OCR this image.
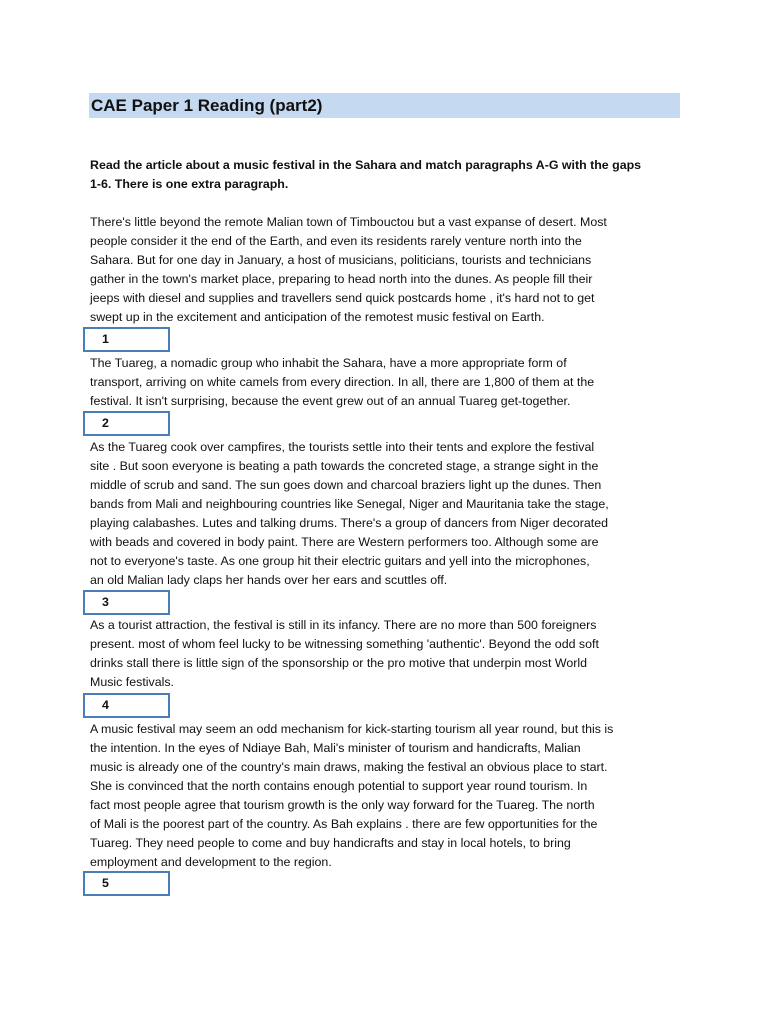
CAE Paper 1 Reading (part2)
Read the article about a music festival in the Sahara and match paragraphs A-G with the gaps
1-6. There is one extra paragraph.
There's little beyond the remote Malian town of Timbouctou but a vast expanse of desert. Most
people consider it the end of the Earth, and even its residents rarely venture north into the
Sahara. But for one day in January, a host of musicians, politicians, tourists and technicians
gather in the town's market place, preparing to head north into the dunes. As people fill their
jeeps with diesel and supplies and travellers send quick postcards home , it's hard not to get
swept up in the excitement and anticipation of the remotest music festival on Earth.
1
The Tuareg, a nomadic group who inhabit the Sahara, have a more appropriate form of
transport, arriving on white camels from every direction. In all, there are 1,800 of them at the
festival. It isn't surprising, because the event grew out of an annual Tuareg get-together.
2
As the Tuareg cook over campfires, the tourists settle into their tents and explore the festival
site . But soon everyone is beating a path towards the concreted stage, a strange sight in the
middle of scrub and sand. The sun goes down and charcoal braziers light up the dunes. Then
bands from Mali and neighbouring countries like Senegal, Niger and Mauritania take the stage,
playing calabashes. Lutes and talking drums. There's a group of dancers from Niger decorated
with beads and covered in body paint. There are Western performers too. Although some are
not to everyone's taste. As one group hit their electric guitars and yell into the microphones,
an old Malian lady claps her hands over her ears and scuttles off.
3
As a tourist attraction, the festival is still in its infancy. There are no more than 500 foreigners
present. most of whom feel lucky to be witnessing something 'authentic'. Beyond the odd soft
drinks stall there is little sign of the sponsorship or the pro motive that underpin most World
Music festivals.
4
A music festival may seem an odd mechanism for kick-starting tourism all year round, but this is
the intention. In the eyes of Ndiaye Bah, Mali's minister of tourism and handicrafts, Malian
music is already one of the country's main draws, making the festival an obvious place to start.
She is convinced that the north contains enough potential to support year round tourism. In
fact most people agree that tourism growth is the only way forward for the Tuareg. The north
of Mali is the poorest part of the country. As Bah explains . there are few opportunities for the
Tuareg. They need people to come and buy handicrafts and stay in local hotels, to bring
employment and development to the region.
5
